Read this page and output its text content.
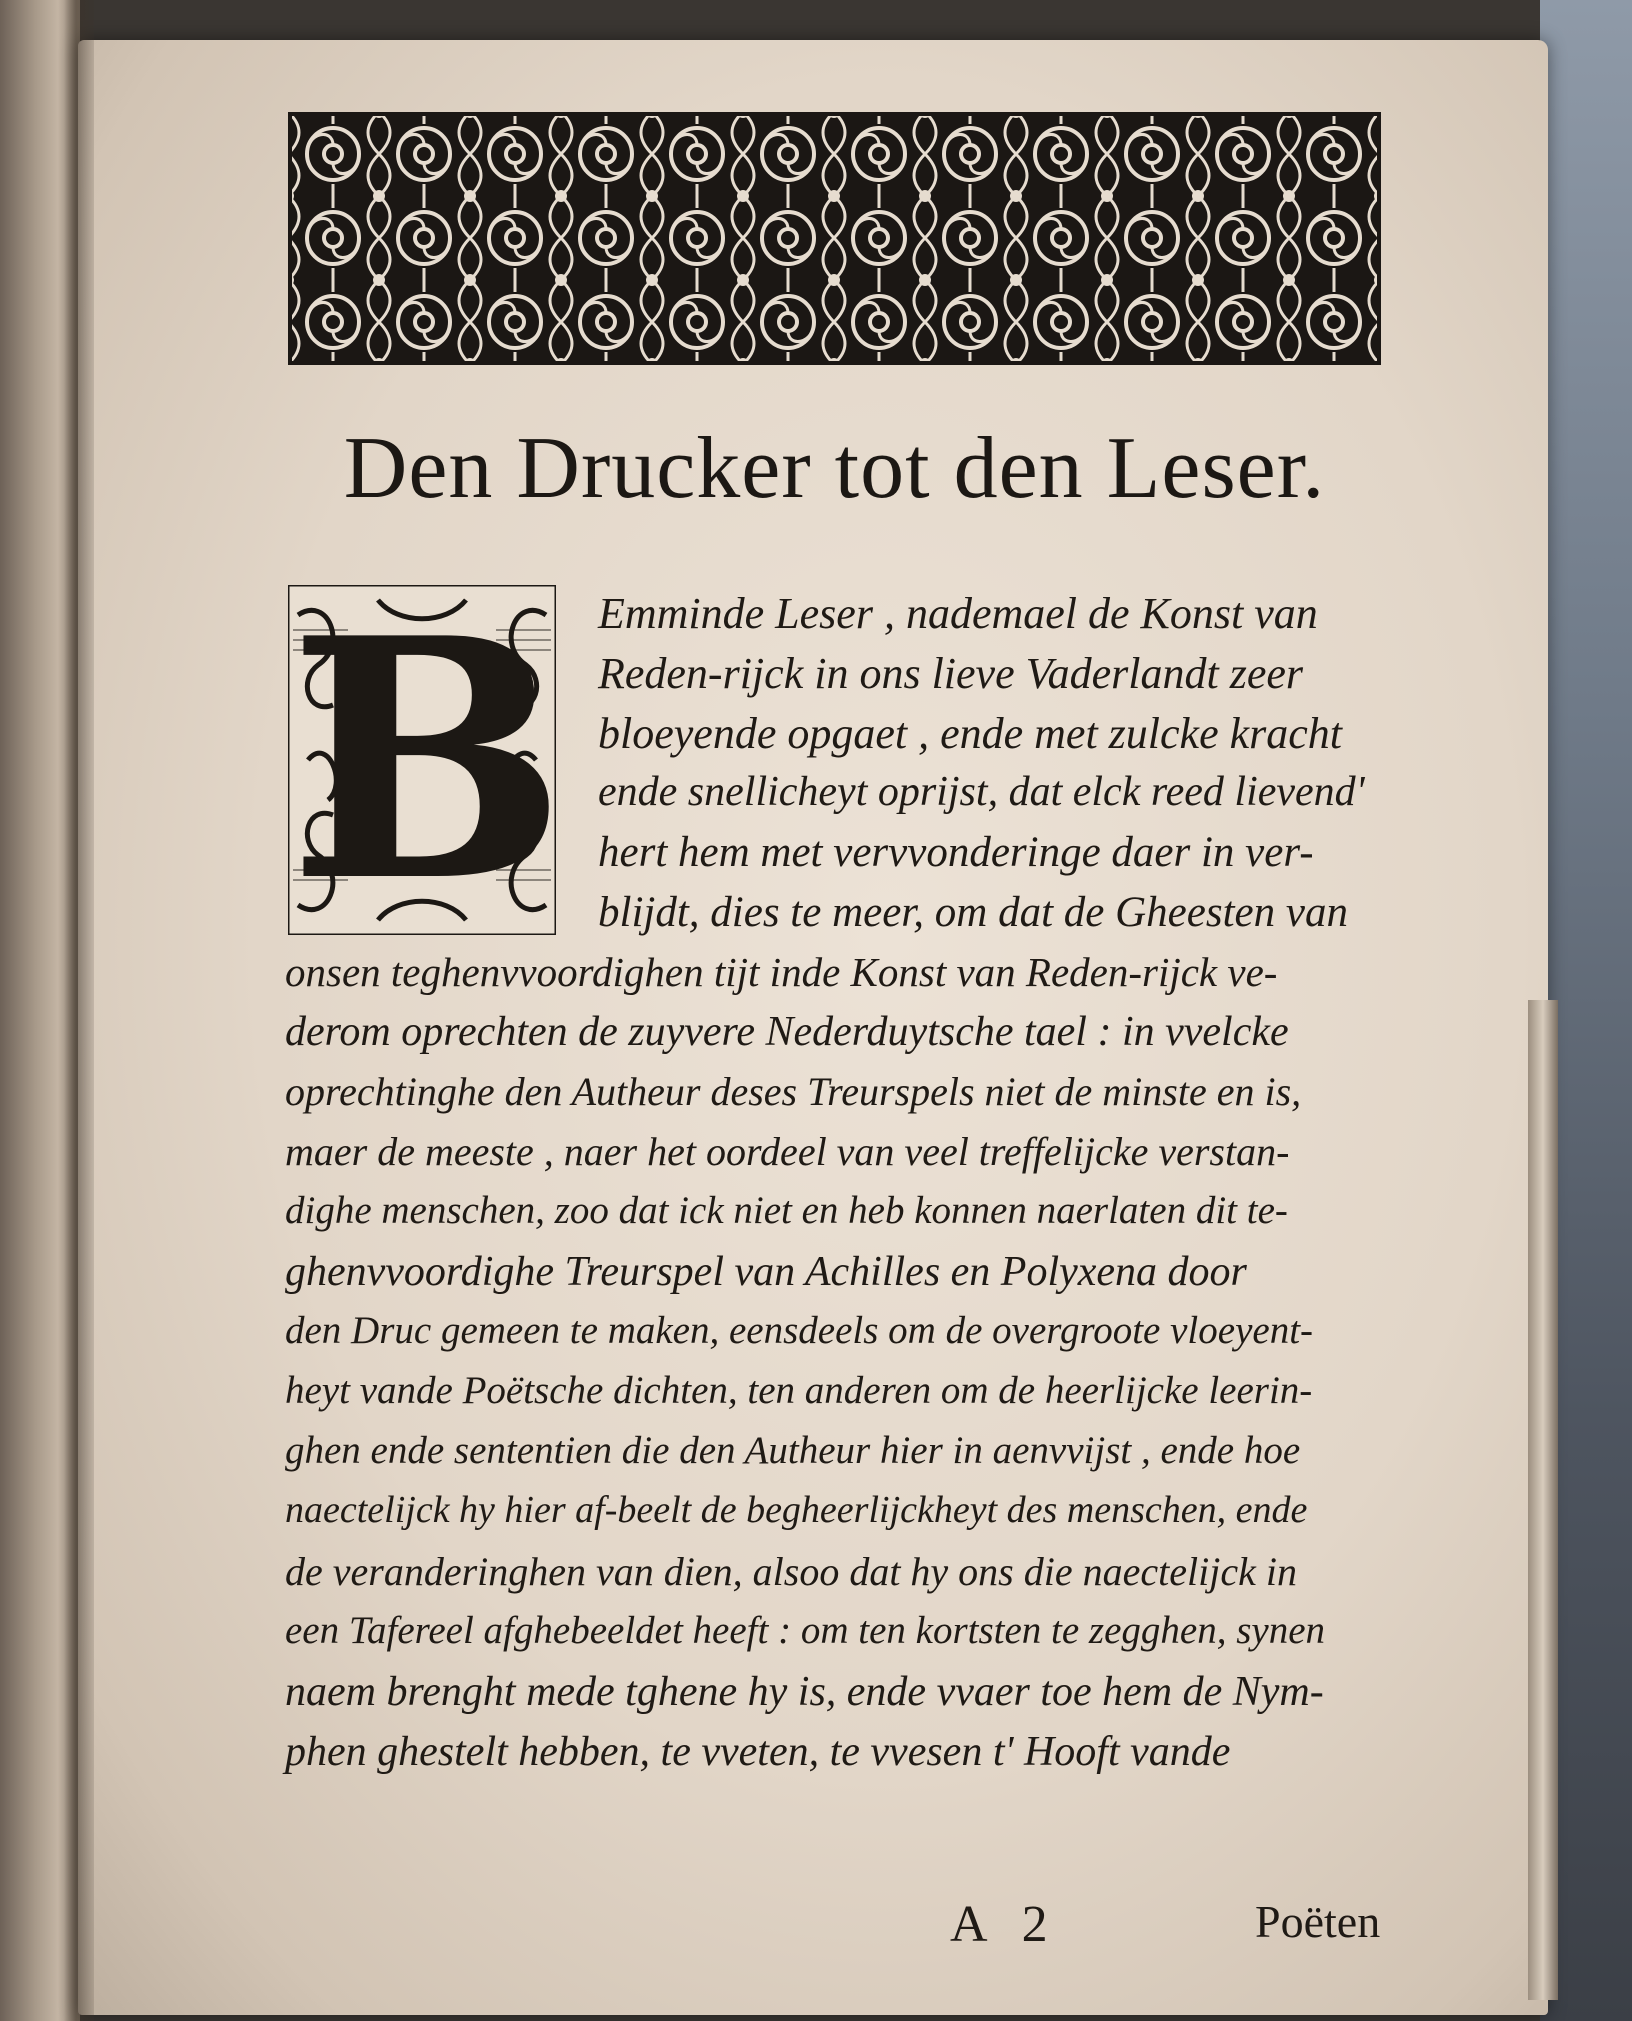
Den Drucker tot den Leser.
B Emminde Leser , nademael de Konst van
Reden-rijck in ons lieve Vaderlandt zeer
bloeyende opgaet , ende met zulcke kracht
ende snellicheyt oprijst, dat elck reed lievend'
hert hem met vervvonderinge daer in ver-
blijdt, dies te meer, om dat de Gheesten van
onsen teghenvvoordighen tijt inde Konst van Reden-rijck ve-
derom oprechten de zuyvere Nederduytsche tael : in vvelcke
oprechtinghe den Autheur deses Treurspels niet de minste en is,
maer de meeste , naer het oordeel van veel treffelijcke verstan-
dighe menschen, zoo dat ick niet en heb konnen naerlaten dit te-
ghenvvoordighe Treurspel van Achilles en Polyxena door
den Druc gemeen te maken, eensdeels om de overgroote vloeyent-
heyt vande Poëtsche dichten, ten anderen om de heerlijcke leerin-
ghen ende sententien die den Autheur hier in aenvvijst , ende hoe
naectelijck hy hier af-beelt de begheerlijckheyt des menschen, ende
de veranderinghen van dien, alsoo dat hy ons die naectelijck in
een Tafereel afghebeeldet heeft : om ten kortsten te zegghen, synen
naem brenght mede tghene hy is, ende vvaer toe hem de Nym-
phen ghestelt hebben, te vveten, te vvesen t' Hooft vande
A 2	Poëten
